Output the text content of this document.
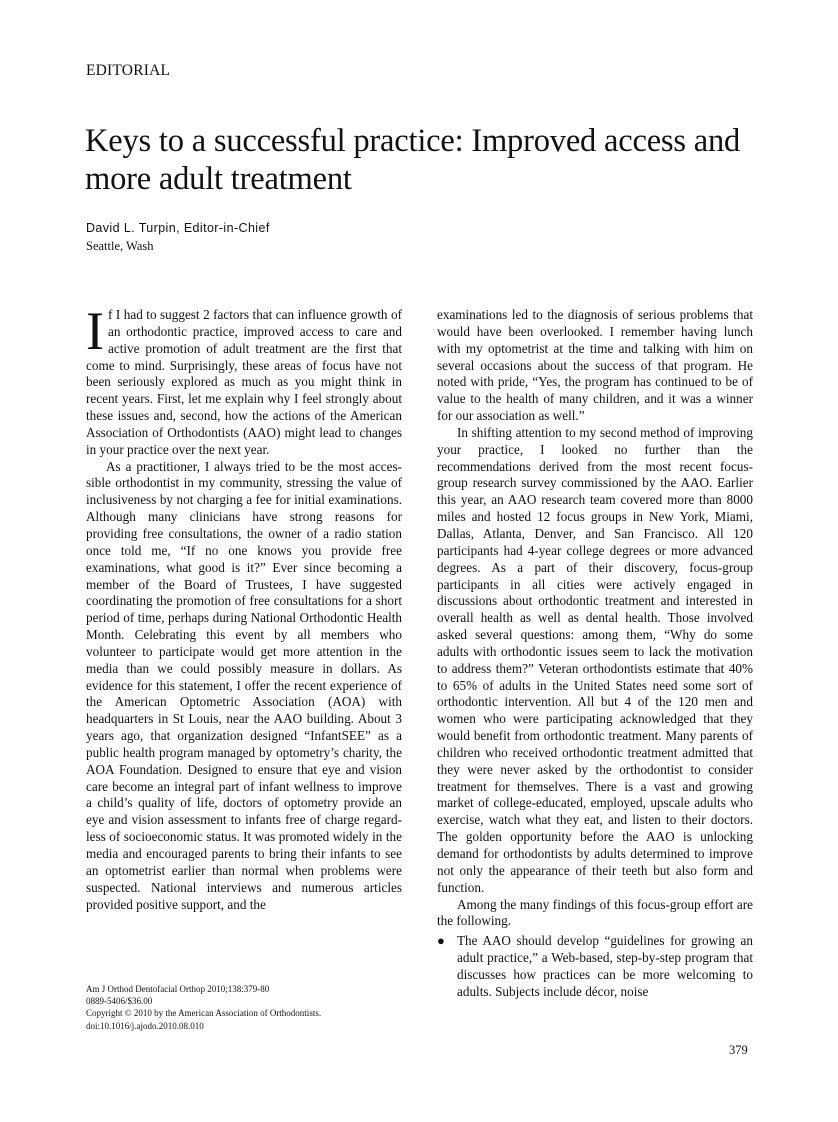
EDITORIAL
Keys to a successful practice: Improved access and more adult treatment
David L. Turpin, Editor-in-Chief
Seattle, Wash

If I had to suggest 2 factors that can influence growth of an orthodontic practice, improved access to care and active promotion of adult treatment are the first that come to mind. Surprisingly, these areas of focus have not been seriously explored as much as you might think in recent years. First, let me explain why I feel strongly about these issues and, second, how the actions of the American Association of Orthodontists (AAO) might lead to changes in your practice over the next year.

As a practitioner, I always tried to be the most accessible orthodontist in my community, stressing the value of inclusiveness by not charging a fee for initial examinations. Although many clinicians have strong reasons for providing free consultations, the owner of a radio station once told me, “If no one knows you provide free examinations, what good is it?” Ever since becoming a member of the Board of Trustees, I have suggested coordinating the promotion of free consultations for a short period of time, perhaps during National Orthodontic Health Month. Celebrating this event by all members who volunteer to participate would get more attention in the media than we could possibly measure in dollars. As evidence for this statement, I offer the recent experience of the American Optometric Association (AOA) with headquarters in St Louis, near the AAO building. About 3 years ago, that organization designed “InfantSEE” as a public health program managed by optometry’s charity, the AOA Foundation. Designed to ensure that eye and vision care become an integral part of infant wellness to improve a child’s quality of life, doctors of optometry provide an eye and vision assessment to infants free of charge regardless of socioeconomic status. It was promoted widely in the media and encouraged parents to bring their infants to see an optometrist earlier than normal when problems were suspected. National interviews and numerous articles provided positive support, and the

examinations led to the diagnosis of serious problems that would have been overlooked. I remember having lunch with my optometrist at the time and talking with him on several occasions about the success of that program. He noted with pride, “Yes, the program has continued to be of value to the health of many children, and it was a winner for our association as well.”

In shifting attention to my second method of improving your practice, I looked no further than the recommendations derived from the most recent focus-group research survey commissioned by the AAO. Earlier this year, an AAO research team covered more than 8000 miles and hosted 12 focus groups in New York, Miami, Dallas, Atlanta, Denver, and San Francisco. All 120 participants had 4-year college degrees or more advanced degrees. As a part of their discovery, focus-group participants in all cities were actively engaged in discussions about orthodontic treatment and interested in overall health as well as dental health. Those involved asked several questions: among them, “Why do some adults with orthodontic issues seem to lack the motivation to address them?” Veteran orthodontists estimate that 40% to 65% of adults in the United States need some sort of orthodontic intervention. All but 4 of the 120 men and women who were participating acknowledged that they would benefit from orthodontic treatment. Many parents of children who received orthodontic treatment admitted that they were never asked by the orthodontist to consider treatment for themselves. There is a vast and growing market of college-educated, employed, upscale adults who exercise, watch what they eat, and listen to their doctors. The golden opportunity before the AAO is unlocking demand for orthodontists by adults determined to improve not only the appearance of their teeth but also form and function.

Among the many findings of this focus-group effort are the following.

● The AAO should develop “guidelines for growing an adult practice,” a Web-based, step-by-step program that discusses how practices can be more welcoming to adults. Subjects include décor, noise
Am J Orthod Dentofacial Orthop 2010;138:379-80
0889-5406/$36.00
Copyright © 2010 by the American Association of Orthodontists.
doi:10.1016/j.ajodo.2010.08.010
379
